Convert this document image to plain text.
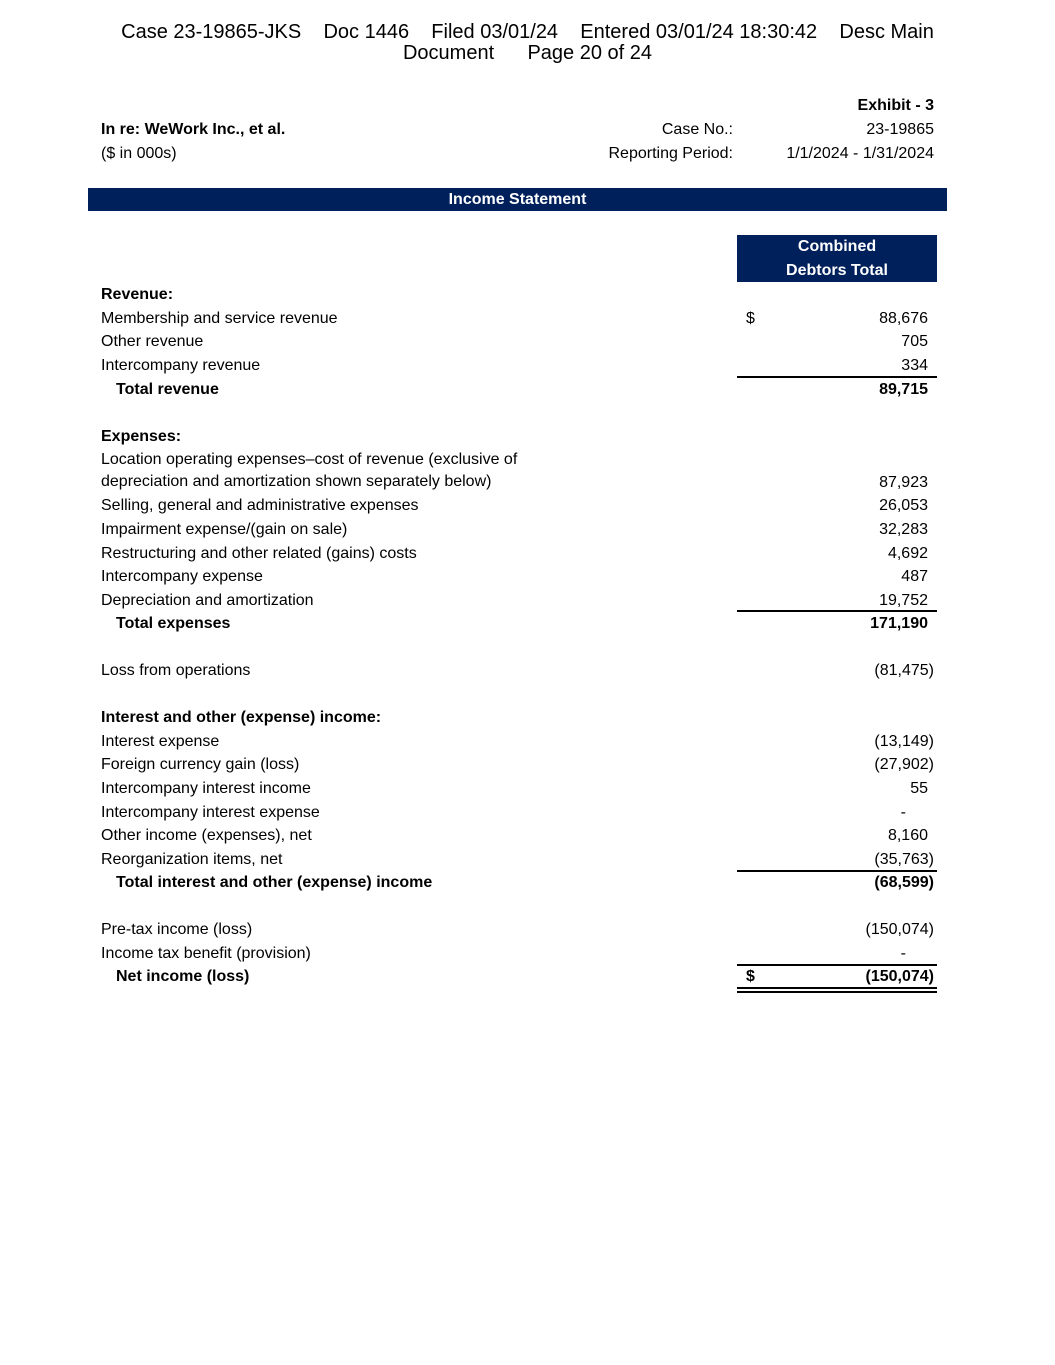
Case 23-19865-JKS    Doc 1446    Filed 03/01/24    Entered 03/01/24 18:30:42    Desc Main
Document      Page 20 of 24
Exhibit - 3
In re: WeWork Inc., et al.
($ in 000s)
Case No.:	23-19865
Reporting Period:	1/1/2024 - 1/31/2024
Income Statement
Combined
Debtors Total
Revenue:
Membership and service revenue	$	88,676
Other revenue	705
Intercompany revenue	334
Total revenue	89,715
Expenses:
Location operating expenses–cost of revenue (exclusive of
depreciation and amortization shown separately below)	87,923
Selling, general and administrative expenses	26,053
Impairment expense/(gain on sale)	32,283
Restructuring and other related (gains) costs	4,692
Intercompany expense	487
Depreciation and amortization	19,752
Total expenses	171,190
Loss from operations	(81,475)
Interest and other (expense) income:
Interest expense	(13,149)
Foreign currency gain (loss)	(27,902)
Intercompany interest income	55
Intercompany interest expense	-
Other income (expenses), net	8,160
Reorganization items, net	(35,763)
Total interest and other (expense) income	(68,599)
Pre-tax income (loss)	(150,074)
Income tax benefit (provision)	-
Net income (loss)	$	(150,074)
